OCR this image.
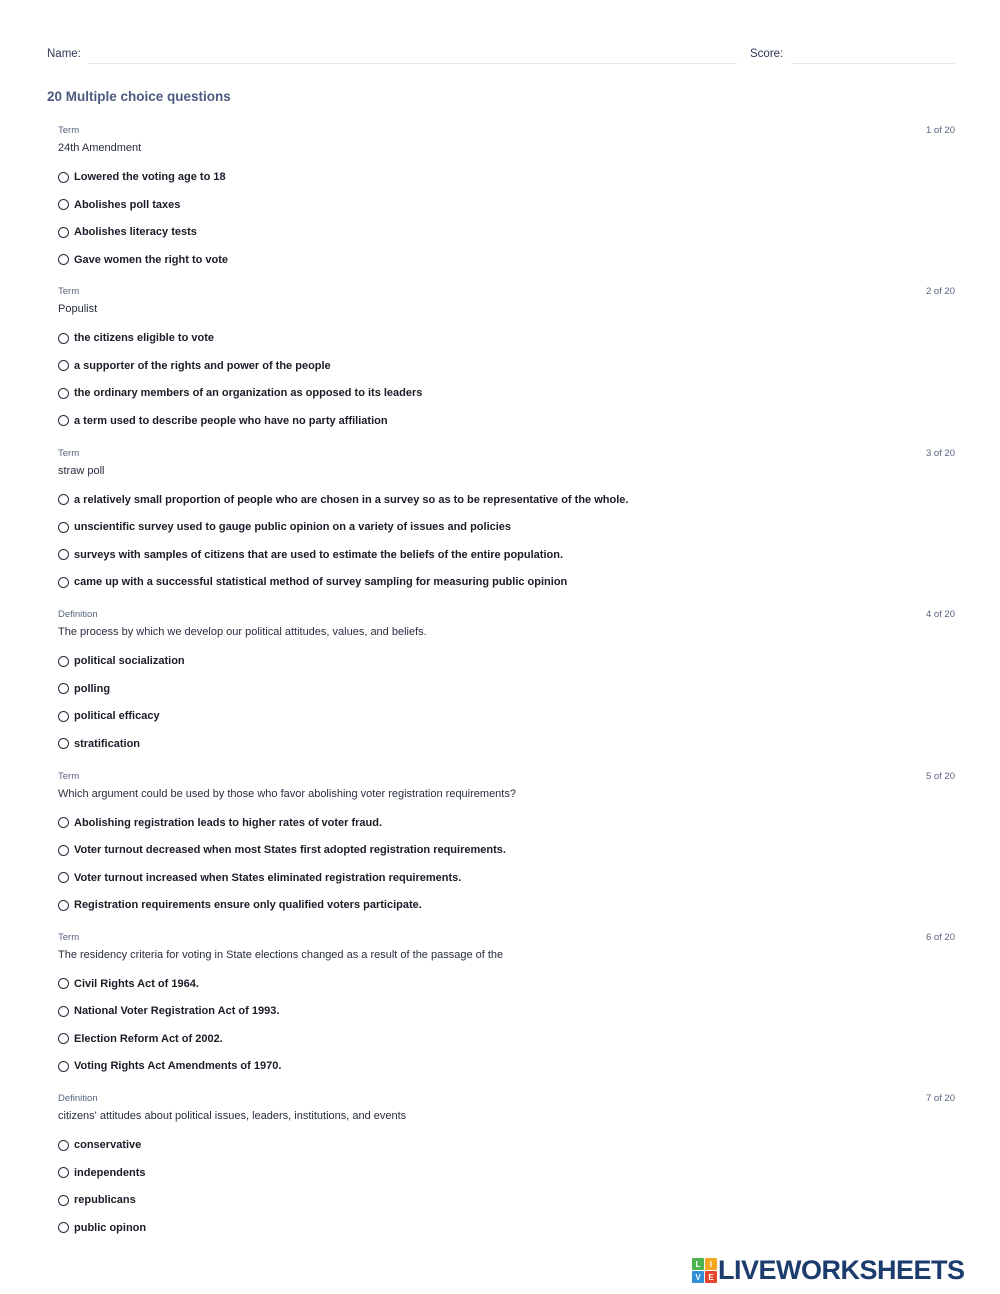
Name:	Score:
20 Multiple choice questions
Term	1 of 20
24th Amendment
Lowered the voting age to 18
Abolishes poll taxes
Abolishes literacy tests
Gave women the right to vote
Term	2 of 20
Populist
the citizens eligible to vote
a supporter of the rights and power of the people
the ordinary members of an organization as opposed to its leaders
a term used to describe people who have no party affiliation
Term	3 of 20
straw poll
a relatively small proportion of people who are chosen in a survey so as to be representative of the whole.
unscientific survey used to gauge public opinion on a variety of issues and policies
surveys with samples of citizens that are used to estimate the beliefs of the entire population.
came up with a successful statistical method of survey sampling for measuring public opinion
Definition	4 of 20
The process by which we develop our political attitudes, values, and beliefs.
political socialization
polling
political efficacy
stratification
Term	5 of 20
Which argument could be used by those who favor abolishing voter registration requirements?
Abolishing registration leads to higher rates of voter fraud.
Voter turnout decreased when most States first adopted registration requirements.
Voter turnout increased when States eliminated registration requirements.
Registration requirements ensure only qualified voters participate.
Term	6 of 20
The residency criteria for voting in State elections changed as a result of the passage of the
Civil Rights Act of 1964.
National Voter Registration Act of 1993.
Election Reform Act of 2002.
Voting Rights Act Amendments of 1970.
Definition	7 of 20
citizens' attitudes about political issues, leaders, institutions, and events
conservative
independents
republicans
public opinon
L	I
V E LIVEWORKSHEETS
